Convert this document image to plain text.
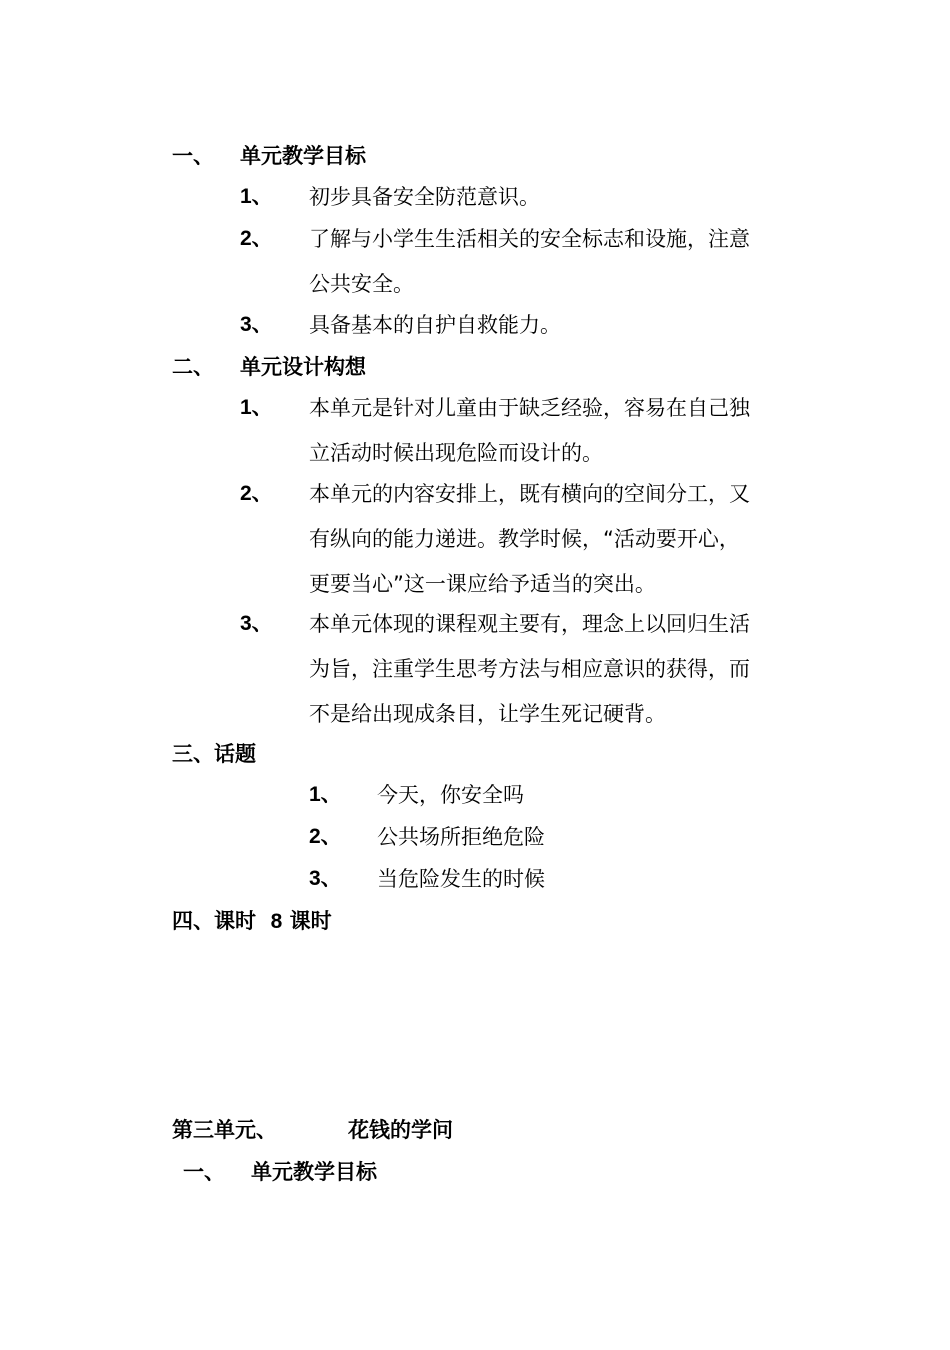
一、 单元教学目标
1、 初步具备安全防范意识。
2、 了解与小学生生活相关的安全标志和设施，注意
公共安全。
3、 具备基本的自护自救能力。
二、 单元设计构想
1、 本单元是针对儿童由于缺乏经验，容易在自己独
立活动时候出现危险而设计的。
2、 本单元的内容安排上，既有横向的空间分工，又
有纵向的能力递进。教学时候，“活动要开心，
更要当心”这一课应给予适当的突出。
3、 本单元体现的课程观主要有，理念上以回归生活
为旨，注重学生思考方法与相应意识的获得，而
不是给出现成条目，让学生死记硬背。
三、话题
1、 今天，你安全吗
2、 公共场所拒绝危险
3、 当危险发生的时候
四、课时 8 课时
第三单元、	花钱的学问
一、 单元教学目标
